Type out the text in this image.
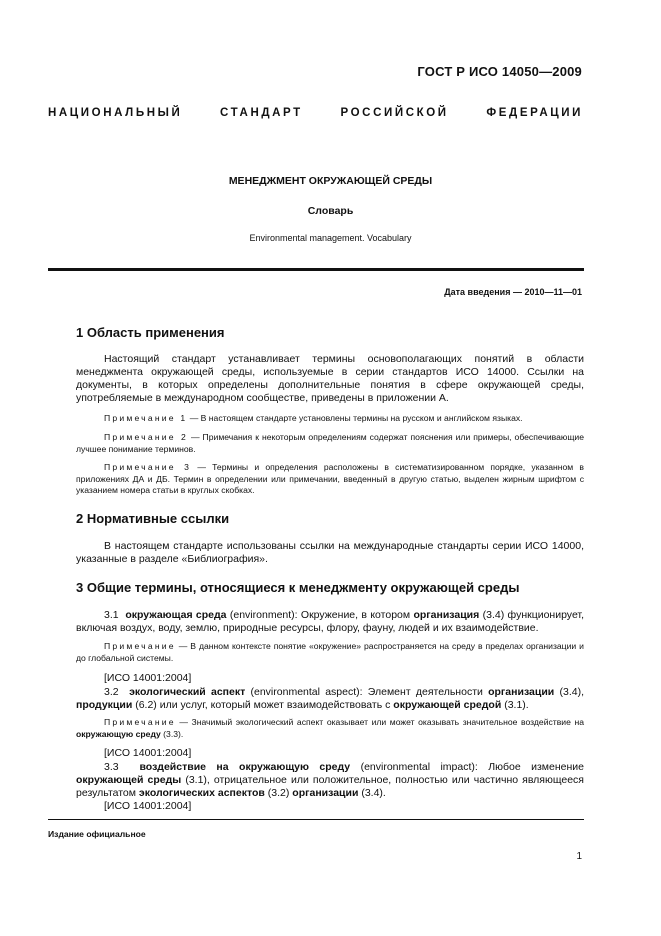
ГОСТ Р ИСО 14050—2009
НАЦИОНАЛЬНЫЙ СТАНДАРТ РОССИЙСКОЙ ФЕДЕРАЦИИ
МЕНЕДЖМЕНТ ОКРУЖАЮЩЕЙ СРЕДЫ
Словарь
Environmental management. Vocabulary
Дата введения — 2010—11—01
1 Область применения
Настоящий стандарт устанавливает термины основополагающих понятий в области менеджмента окружающей среды, используемые в серии стандартов ИСО 14000. Ссылки на документы, в которых определены дополнительные понятия в сфере окружающей среды, употребляемые в международном сообществе, приведены в приложении А.
Примечание 1 — В настоящем стандарте установлены термины на русском и английском языках.
Примечание 2 — Примечания к некоторым определениям содержат пояснения или примеры, обеспечивающие лучшее понимание терминов.
Примечание 3 — Термины и определения расположены в систематизированном порядке, указанном в приложениях ДА и ДБ. Термин в определении или примечании, введенный в другую статью, выделен жирным шрифтом с указанием номера статьи в круглых скобках.
2 Нормативные ссылки
В настоящем стандарте использованы ссылки на международные стандарты серии ИСО 14000, указанные в разделе «Библиография».
3 Общие термины, относящиеся к менеджменту окружающей среды
3.1 окружающая среда (environment): Окружение, в котором организация (3.4) функционирует, включая воздух, воду, землю, природные ресурсы, флору, фауну, людей и их взаимодействие.
Примечание — В данном контексте понятие «окружение» распространяется на среду в пределах организации и до глобальной системы.
[ИСО 14001:2004]
3.2 экологический аспект (environmental aspect): Элемент деятельности организации (3.4), продукции (6.2) или услуг, который может взаимодействовать с окружающей средой (3.1).
Примечание — Значимый экологический аспект оказывает или может оказывать значительное воздействие на окружающую среду (3.3).
[ИСО 14001:2004]
3.3 воздействие на окружающую среду (environmental impact): Любое изменение окружающей среды (3.1), отрицательное или положительное, полностью или частично являющееся результатом экологических аспектов (3.2) организации (3.4).
[ИСО 14001:2004]
Издание официальное
1
